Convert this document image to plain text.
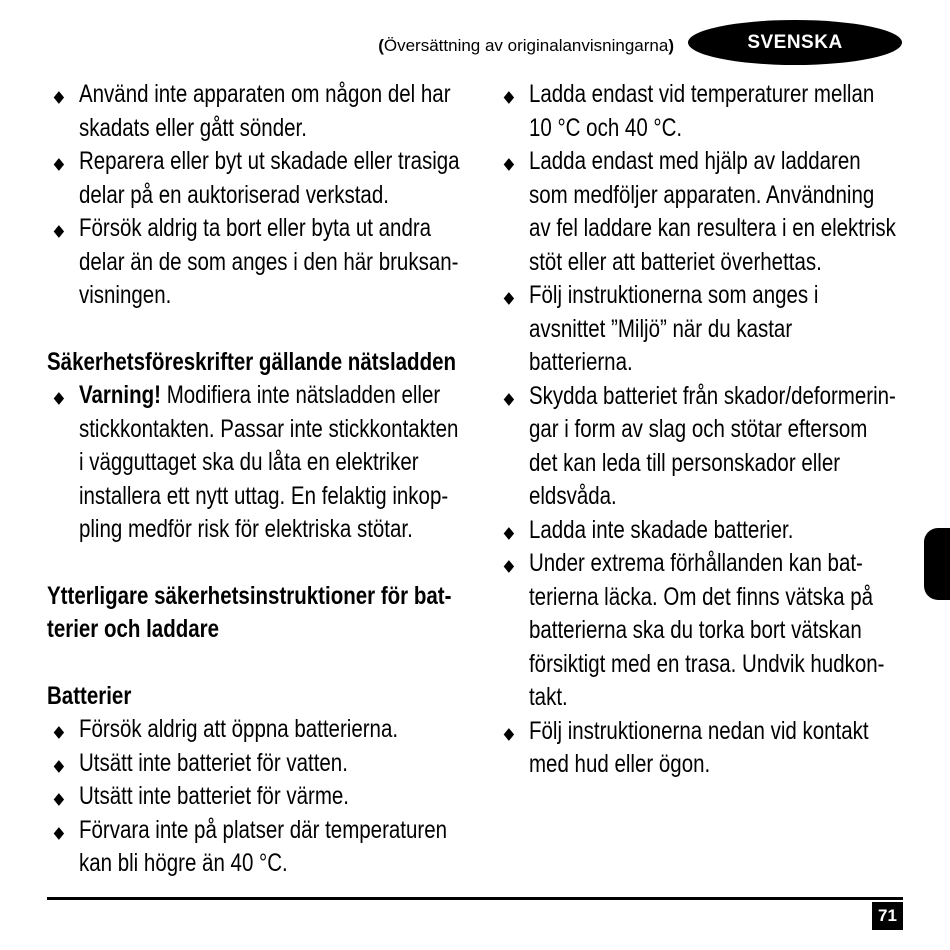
(Översättning av originalanvisningarna)	SVENSKA
Använd inte apparaten om någon del har skadats eller gått sönder.
Reparera eller byt ut skadade eller trasiga delar på en auktoriserad verkstad.
Försök aldrig ta bort eller byta ut andra delar än de som anges i den här bruksan-visningen.
Säkerhetsföreskrifter gällande nätsladden
Varning! Modifiera inte nätsladden eller stickkontakten. Passar inte stickkontakten i vägguttaget ska du låta en elektriker installera ett nytt uttag. En felaktig inkop-pling medför risk för elektriska stötar.
Ytterligare säkerhetsinstruktioner för bat-terier och laddare
Batterier
Försök aldrig att öppna batterierna.
Utsätt inte batteriet för vatten.
Utsätt inte batteriet för värme.
Förvara inte på platser där temperaturen kan bli högre än 40 °C.
Ladda endast vid temperaturer mellan 10 °C och 40 °C.
Ladda endast med hjälp av laddaren som medföljer apparaten. Användning av fel laddare kan resultera i en elektrisk stöt eller att batteriet överhettas.
Följ instruktionerna som anges i avsnittet ”Miljö” när du kastar batterierna.
Skydda batteriet från skador/deformerin-gar i form av slag och stötar eftersom det kan leda till personskador eller eldsvåda.
Ladda inte skadade batterier.
Under extrema förhållanden kan bat-terierna läcka. Om det finns vätska på batterierna ska du torka bort vätskan försiktigt med en trasa. Undvik hudkon-takt.
Följ instruktionerna nedan vid kontakt med hud eller ögon.
71
